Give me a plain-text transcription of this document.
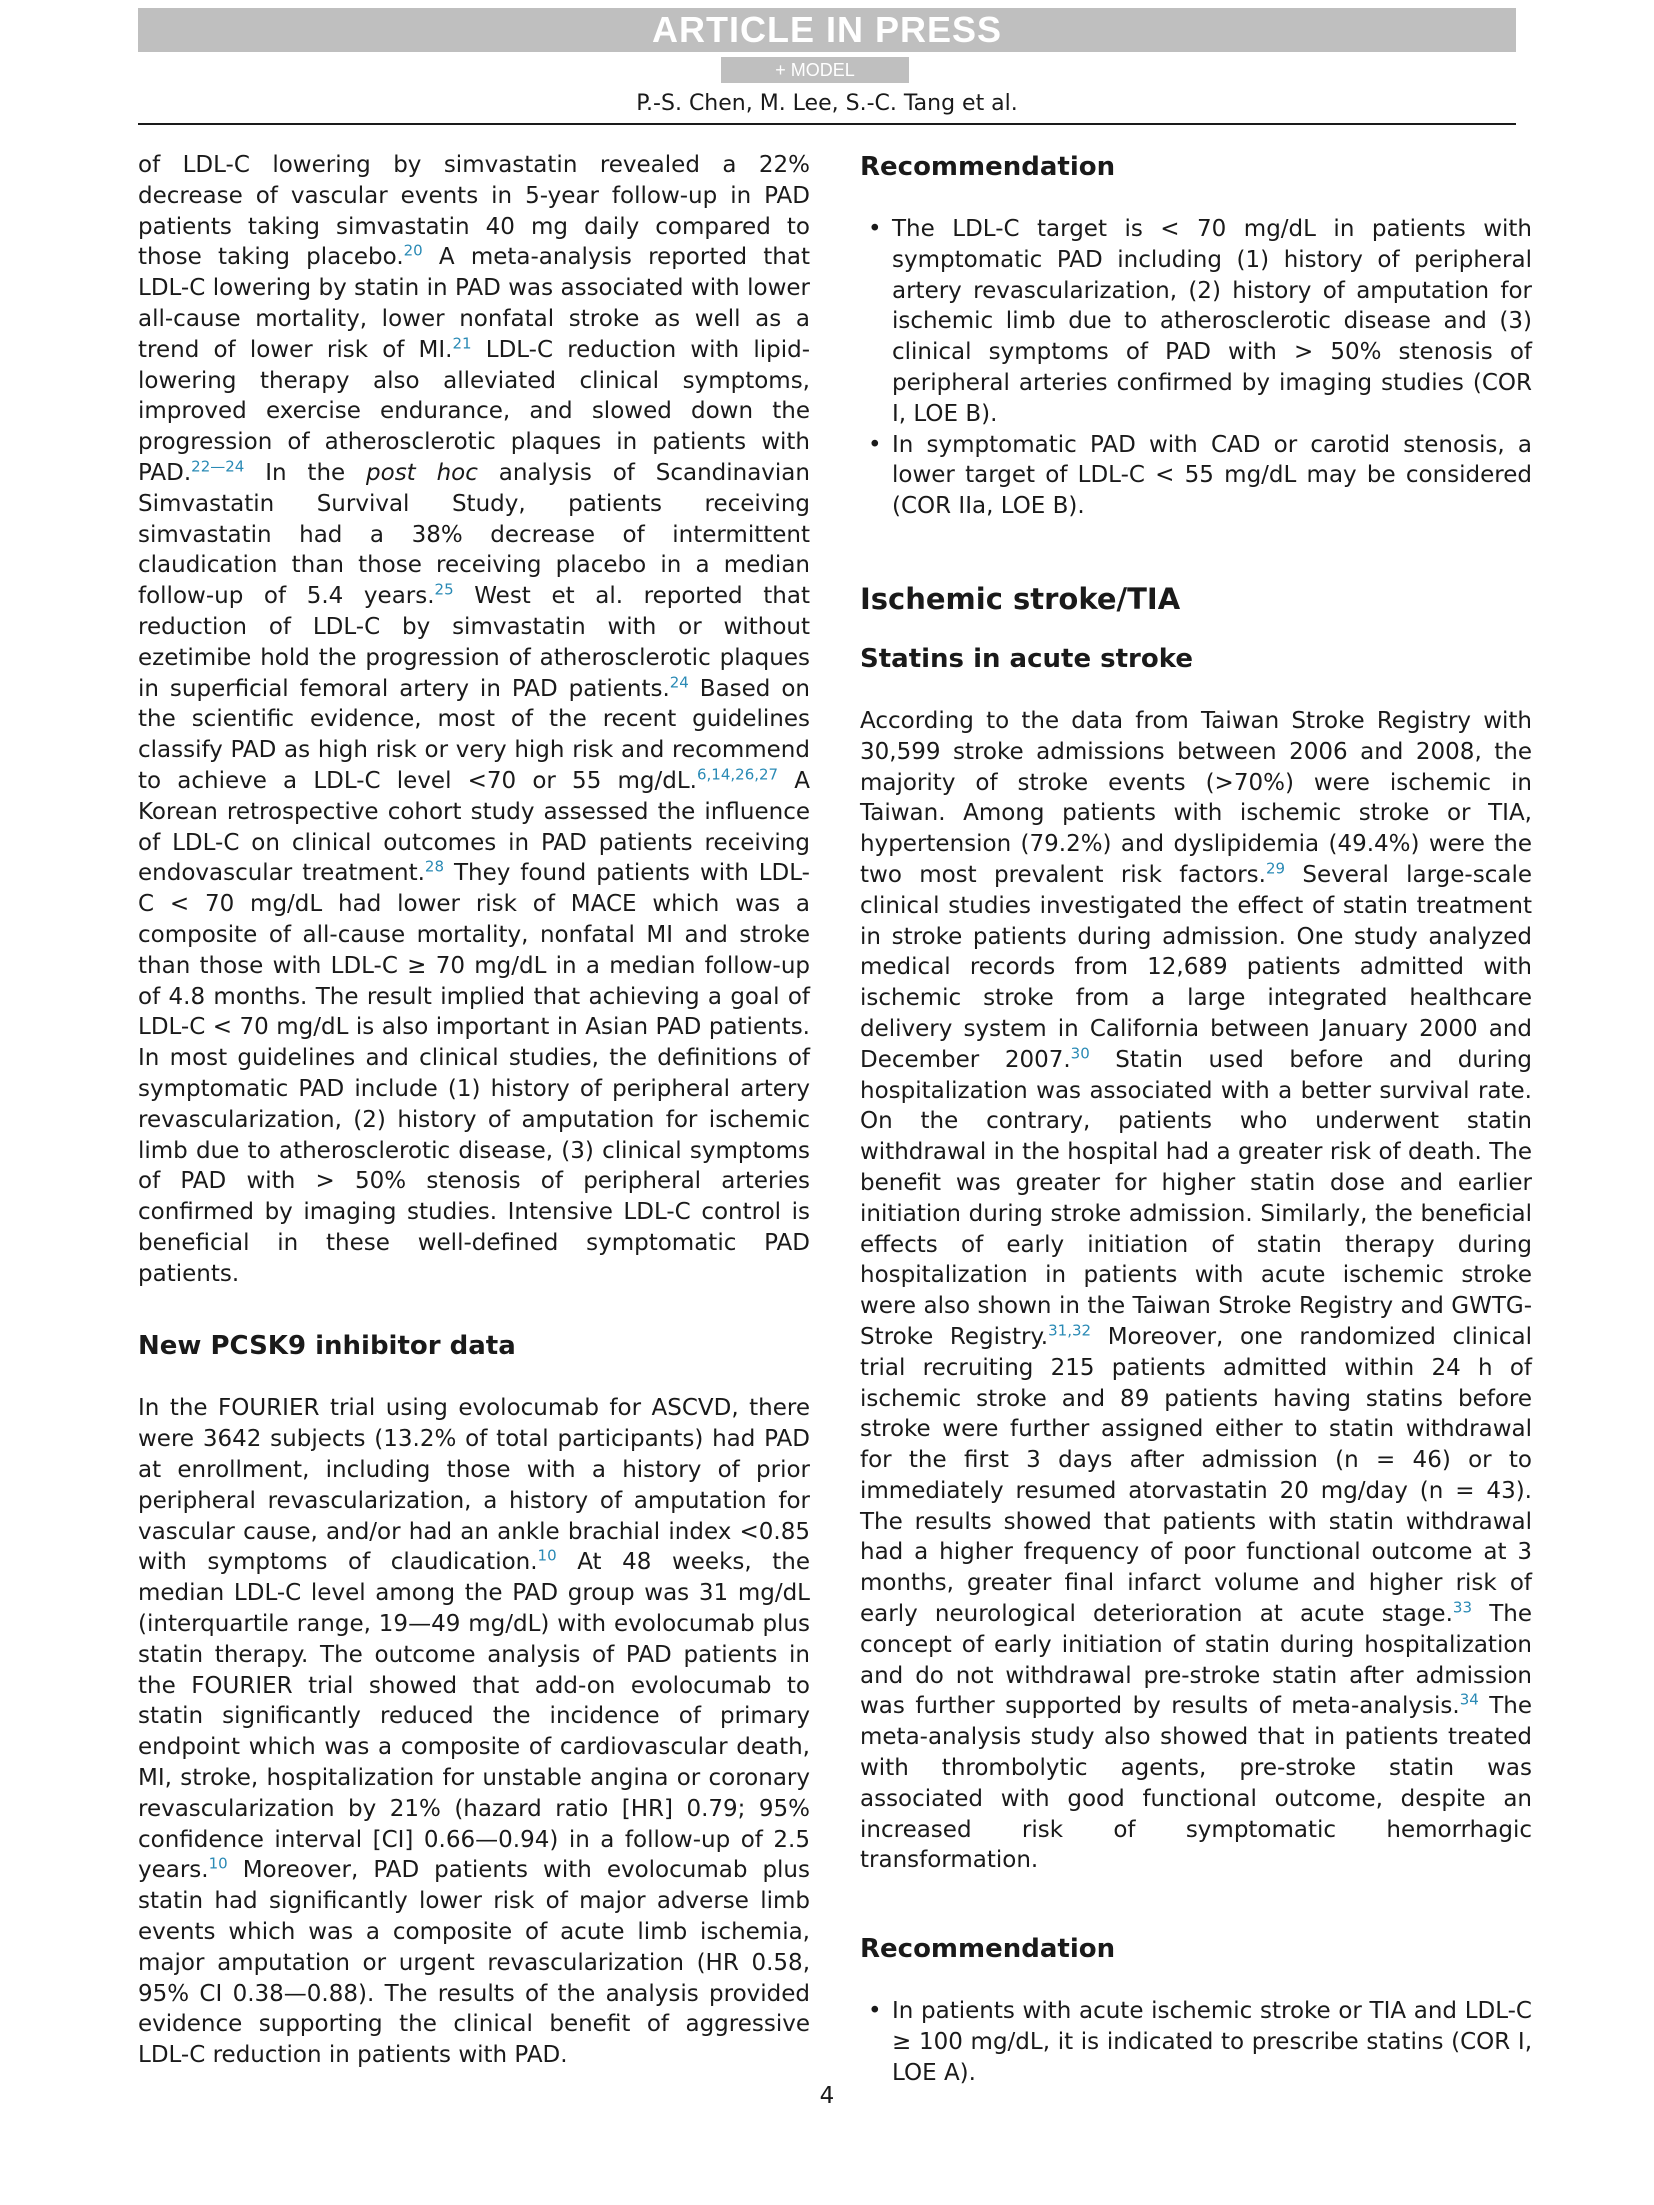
ARTICLE IN PRESS
+ MODEL
P.-S. Chen, M. Lee, S.-C. Tang et al.

of LDL-C lowering by simvastatin revealed a 22% decrease of vascular events in 5-year follow-up in PAD patients taking simvastatin 40 mg daily compared to those taking placebo.$^{20}$ A meta-analysis reported that LDL-C lowering by statin in PAD was associated with lower all-cause mortality, lower nonfatal stroke as well as a trend of lower risk of MI.$^{21}$ LDL-C reduction with lipid-lowering therapy also alleviated clinical symptoms, improved exercise endurance, and slowed down the progression of atherosclerotic plaques in patients with PAD.$^{22—24}$ In the post hoc analysis of Scandinavian Simvastatin Survival Study, patients receiving simvastatin had a 38% decrease of intermittent claudication than those receiving placebo in a median follow-up of 5.4 years.$^{25}$ West et al. reported that reduction of LDL-C by simvastatin with or without ezetimibe hold the progression of atherosclerotic plaques in superficial femoral artery in PAD patients.$^{24}$ Based on the scientific evidence, most of the recent guidelines classify PAD as high risk or very high risk and recommend to achieve a LDL-C level <70 or 55 mg/dL.$^{6,14,26,27}$ A Korean retrospective cohort study assessed the influence of LDL-C on clinical outcomes in PAD patients receiving endovascular treatment.$^{28}$ They found patients with LDL-C < 70 mg/dL had lower risk of MACE which was a composite of all-cause mortality, nonfatal MI and stroke than those with LDL-C ≥ 70 mg/dL in a median follow-up of 4.8 months. The result implied that achieving a goal of LDL-C < 70 mg/dL is also important in Asian PAD patients. In most guidelines and clinical studies, the definitions of symptomatic PAD include (1) history of peripheral artery revascularization, (2) history of amputation for ischemic limb due to atherosclerotic disease, (3) clinical symptoms of PAD with > 50% stenosis of peripheral arteries confirmed by imaging studies. Intensive LDL-C control is beneficial in these well-defined symptomatic PAD patients.

New PCSK9 inhibitor data

In the FOURIER trial using evolocumab for ASCVD, there were 3642 subjects (13.2% of total participants) had PAD at enrollment, including those with a history of prior peripheral revascularization, a history of amputation for vascular cause, and/or had an ankle brachial index <0.85 with symptoms of claudication.$^{10}$ At 48 weeks, the median LDL-C level among the PAD group was 31 mg/dL (interquartile range, 19—49 mg/dL) with evolocumab plus statin therapy. The outcome analysis of PAD patients in the FOURIER trial showed that add-on evolocumab to statin significantly reduced the incidence of primary endpoint which was a composite of cardiovascular death, MI, stroke, hospitalization for unstable angina or coronary revascularization by 21% (hazard ratio [HR] 0.79; 95% confidence interval [CI] 0.66—0.94) in a follow-up of 2.5 years.$^{10}$ Moreover, PAD patients with evolocumab plus statin had significantly lower risk of major adverse limb events which was a composite of acute limb ischemia, major amputation or urgent revascularization (HR 0.58, 95% CI 0.38—0.88). The results of the analysis provided evidence supporting the clinical benefit of aggressive LDL-C reduction in patients with PAD.

Recommendation
• The LDL-C target is < 70 mg/dL in patients with symptomatic PAD including (1) history of peripheral artery revascularization, (2) history of amputation for ischemic limb due to atherosclerotic disease and (3) clinical symptoms of PAD with > 50% stenosis of peripheral arteries confirmed by imaging studies (COR I, LOE B).
• In symptomatic PAD with CAD or carotid stenosis, a lower target of LDL-C < 55 mg/dL may be considered (COR IIa, LOE B).
Ischemic stroke/TIA
Statins in acute stroke

According to the data from Taiwan Stroke Registry with 30,599 stroke admissions between 2006 and 2008, the majority of stroke events (>70%) were ischemic in Taiwan. Among patients with ischemic stroke or TIA, hypertension (79.2%) and dyslipidemia (49.4%) were the two most prevalent risk factors.$^{29}$ Several large-scale clinical studies investigated the effect of statin treatment in stroke patients during admission. One study analyzed medical records from 12,689 patients admitted with ischemic stroke from a large integrated healthcare delivery system in California between January 2000 and December 2007.30 Statin used before and during hospitalization was associated with a better survival rate. On the contrary, patients who underwent statin withdrawal in the hospital had a greater risk of death. The benefit was greater for higher statin dose and earlier initiation during stroke admission. Similarly, the beneficial effects of early initiation of statin therapy during hospitalization in patients with acute ischemic stroke were also shown in the Taiwan Stroke Registry and GWTG-Stroke Registry.$^{31,32}$ Moreover, one randomized clinical trial recruiting 215 patients admitted within 24 h of ischemic stroke and 89 patients having statins before stroke were further assigned either to statin withdrawal for the first 3 days after admission (n = 46) or to immediately resumed atorvastatin 20 mg/day (n = 43). The results showed that patients with statin withdrawal had a higher frequency of poor functional outcome at 3 months, greater final infarct volume and higher risk of early neurological deterioration at acute stage.$^{33}$ The concept of early initiation of statin during hospitalization and do not withdrawal pre-stroke statin after admission was further supported by results of meta-analysis.$^{34}$ The meta-analysis study also showed that in patients treated with thrombolytic agents, pre-stroke statin was associated with good functional outcome, despite an increased risk of symptomatic hemorrhagic transformation.

Recommendation
• In patients with acute ischemic stroke or TIA and LDL-C ≥ 100 mg/dL, it is indicated to prescribe statins (COR I, LOE A).
4
